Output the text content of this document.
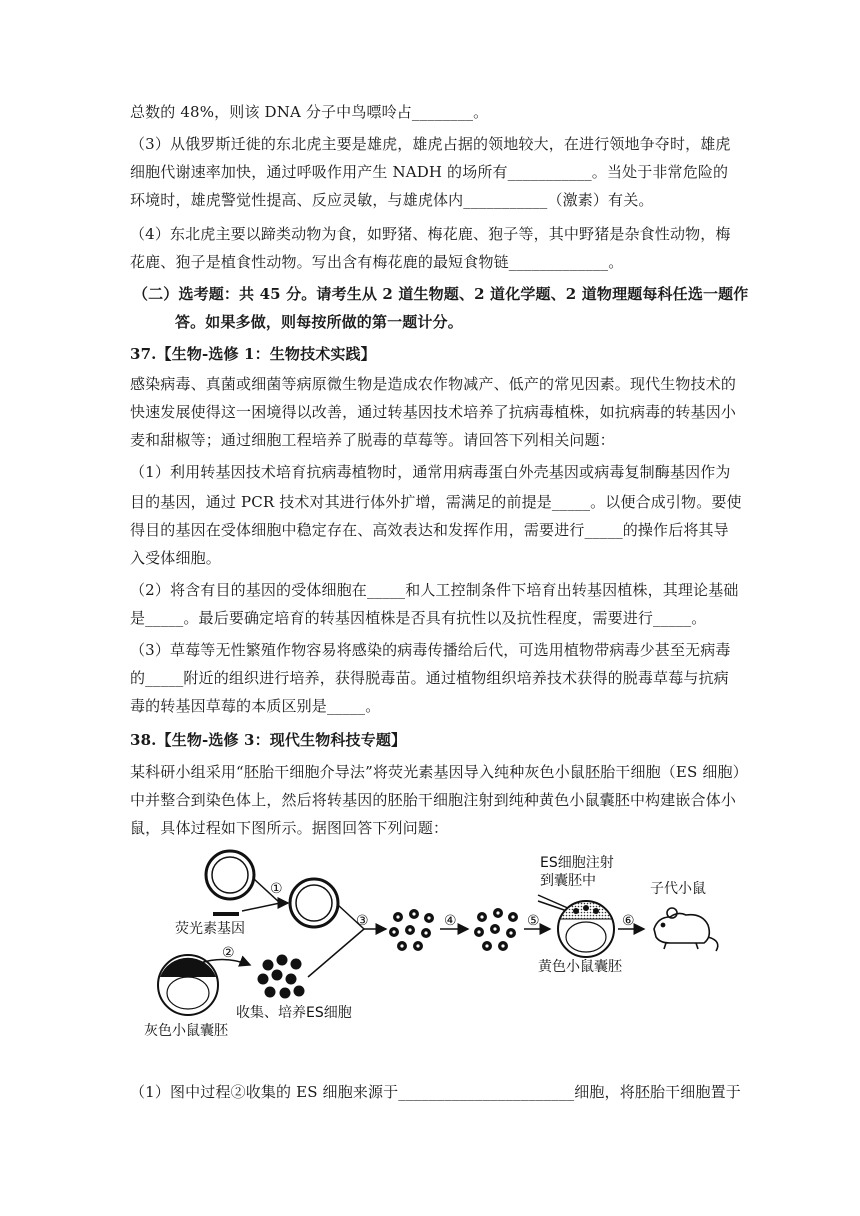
总数的 48%，则该 DNA 分子中鸟嘌呤占________。
（3）从俄罗斯迁徙的东北虎主要是雄虎，雄虎占据的领地较大，在进行领地争夺时，雄虎
细胞代谢速率加快，通过呼吸作用产生 NADH 的场所有___________。当处于非常危险的
环境时，雄虎警觉性提高、反应灵敏，与雄虎体内___________（激素）有关。
（4）东北虎主要以蹄类动物为食，如野猪、梅花鹿、狍子等，其中野猪是杂食性动物，梅
花鹿、狍子是植食性动物。写出含有梅花鹿的最短食物链_____________。
（二）选考题：共 45 分。请考生从 2 道生物题、2 道化学题、2 道物理题每科任选一题作
答。如果多做，则每按所做的第一题计分。
37.【生物-选修 1：生物技术实践】
感染病毒、真菌或细菌等病原微生物是造成农作物减产、低产的常见因素。现代生物技术的
快速发展使得这一困境得以改善，通过转基因技术培养了抗病毒植株，如抗病毒的转基因小
麦和甜椒等；通过细胞工程培养了脱毒的草莓等。请回答下列相关问题：
（1）利用转基因技术培育抗病毒植物时，通常用病毒蛋白外壳基因或病毒复制酶基因作为
目的基因，通过 PCR 技术对其进行体外扩增，需满足的前提是_____。以便合成引物。要使
得目的基因在受体细胞中稳定存在、高效表达和发挥作用，需要进行_____的操作后将其导
入受体细胞。
（2）将含有目的基因的受体细胞在_____和人工控制条件下培育出转基因植株，其理论基础
是_____。最后要确定培育的转基因植株是否具有抗性以及抗性程度，需要进行_____。
（3）草莓等无性繁殖作物容易将感染的病毒传播给后代，可选用植物带病毒少甚至无病毒
的_____附近的组织进行培养，获得脱毒苗。通过植物组织培养技术获得的脱毒草莓与抗病
毒的转基因草莓的本质区别是_____。
38.【生物-选修 3：现代生物科技专题】
某科研小组采用“胚胎干细胞介导法”将荧光素基因导入纯种灰色小鼠胚胎干细胞（ES 细胞）
中并整合到染色体上，然后将转基因的胚胎干细胞注射到纯种黄色小鼠囊胚中构建嵌合体小
鼠，具体过程如下图所示。据图回答下列问题：
荧光素基因
①
灰色小鼠囊胚
②
收集、培养ES细胞
③	④	⑤
ES细胞注射
到囊胚中
黄色小鼠囊胚
⑥
子代小鼠
（1）图中过程②收集的 ES 细胞来源于_______________________细胞，将胚胎干细胞置于
